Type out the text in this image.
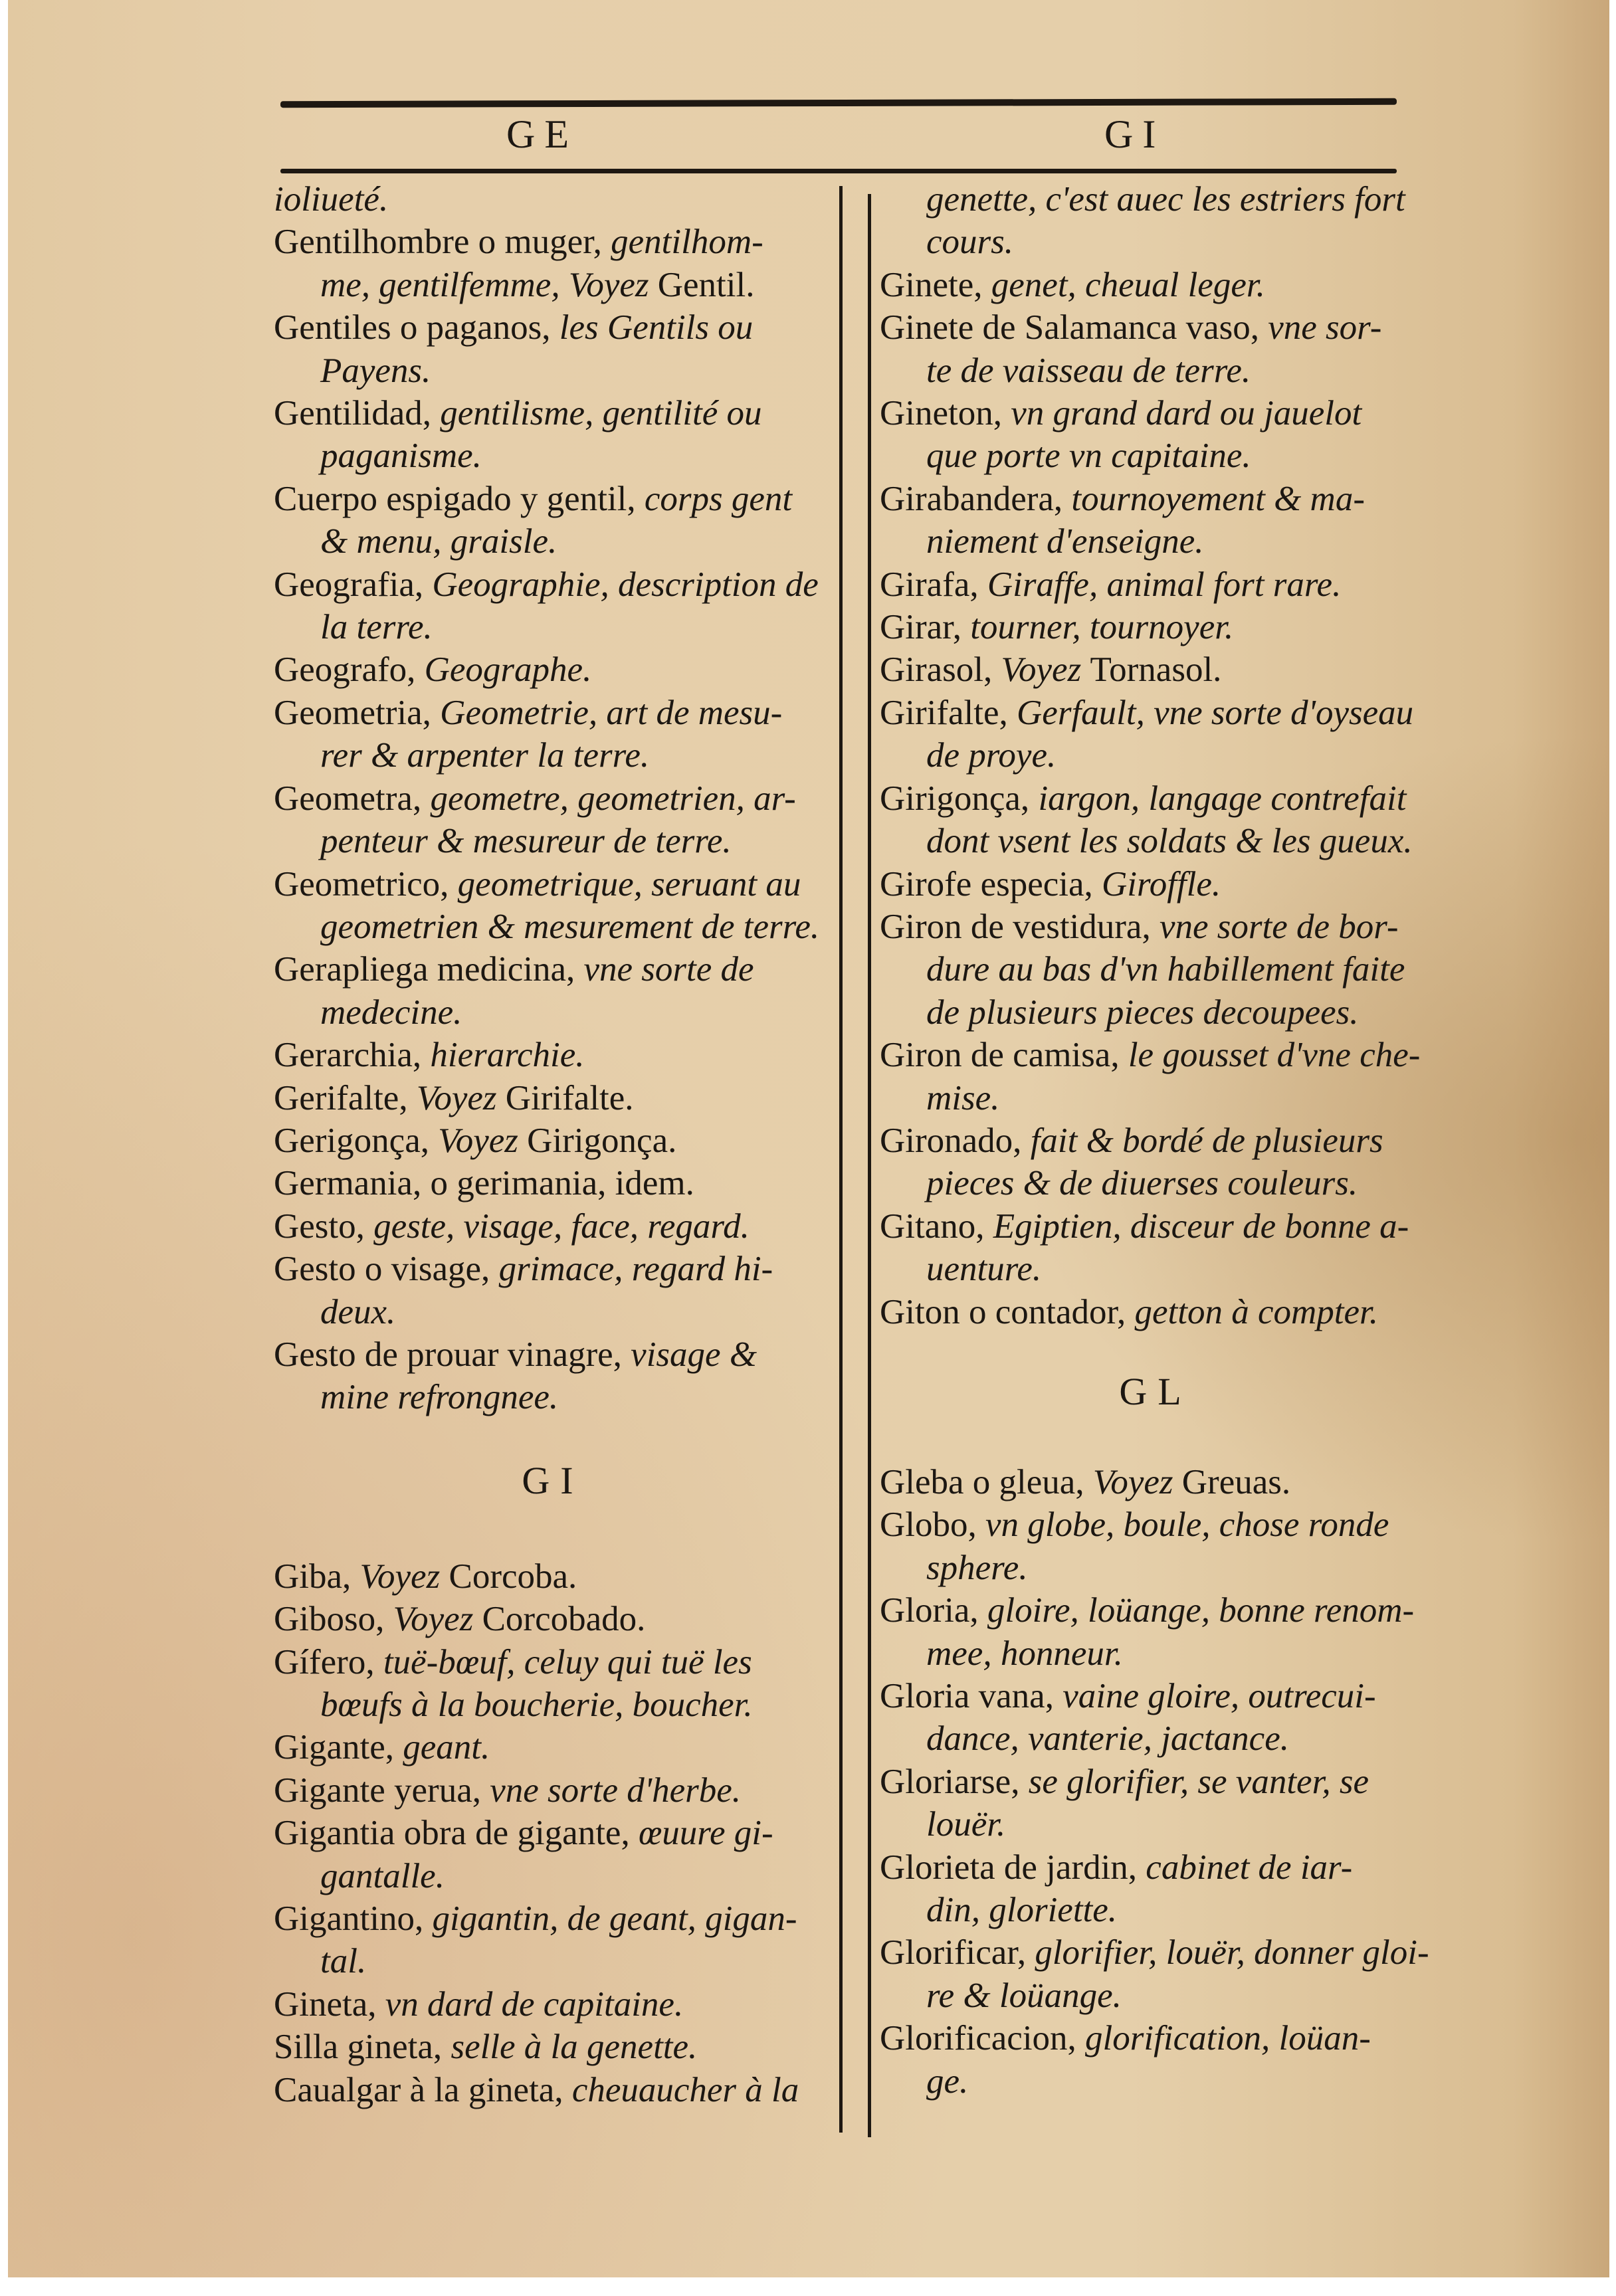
GE	GI
ioliueté.
Gentilhombre o muger, gentilhom-
me, gentilfemme, Voyez Gentil.
Gentiles o paganos, les Gentils ou
Payens.
Gentilidad, gentilisme, gentilité ou
paganisme.
Cuerpo espigado y gentil, corps gent
& menu, graisle.
Geografia, Geographie, description de
la terre.
Geografo, Geographe.
Geometria, Geometrie, art de mesu-
rer & arpenter la terre.
Geometra, geometre, geometrien, ar-
penteur & mesureur de terre.
Geometrico, geometrique, seruant au
geometrien & mesurement de terre.
Gerapliega medicina, vne sorte de
medecine.
Gerarchia, hierarchie.
Gerifalte, Voyez Girifalte.
Gerigonça, Voyez Girigonça.
Germania, o gerimania, idem.
Gesto, geste, visage, face, regard.
Gesto o visage, grimace, regard hi-
deux.
Gesto de prouar vinagre, visage &
mine refrongnee.
GI
Giba, Voyez Corcoba.
Giboso, Voyez Corcobado.
Gífero, tuë-bœuf, celuy qui tuë les
bœufs à la boucherie, boucher.
Gigante, geant.
Gigante yerua, vne sorte d'herbe.
Gigantia obra de gigante, œuure gi-
gantalle.
Gigantino, gigantin, de geant, gigan-
tal.
Gineta, vn dard de capitaine.
Silla gineta, selle à la genette.
Caualgar à la gineta, cheuaucher à la
genette, c'est auec les estriers fort
cours.
Ginete, genet, cheual leger.
Ginete de Salamanca vaso, vne sor-
te de vaisseau de terre.
Gineton, vn grand dard ou jauelot
que porte vn capitaine.
Girabandera, tournoyement & ma-
niement d'enseigne.
Girafa, Giraffe, animal fort rare.
Girar, tourner, tournoyer.
Girasol, Voyez Tornasol.
Girifalte, Gerfault, vne sorte d'oyseau
de proye.
Girigonça, iargon, langage contrefait
dont vsent les soldats & les gueux.
Girofe especia, Giroffle.
Giron de vestidura, vne sorte de bor-
dure au bas d'vn habillement faite
de plusieurs pieces decoupees.
Giron de camisa, le gousset d'vne che-
mise.
Gironado, fait & bordé de plusieurs
pieces & de diuerses couleurs.
Gitano, Egiptien, disceur de bonne a-
uenture.
Giton o contador, getton à compter.
GL
Gleba o gleua, Voyez Greuas.
Globo, vn globe, boule, chose ronde
sphere.
Gloria, gloire, loüange, bonne renom-
mee, honneur.
Gloria vana, vaine gloire, outrecui-
dance, vanterie, jactance.
Gloriarse, se glorifier, se vanter, se
louër.
Glorieta de jardin, cabinet de iar-
din, gloriette.
Glorificar, glorifier, louër, donner gloi-
re & loüange.
Glorificacion, glorification, loüan-
ge.
